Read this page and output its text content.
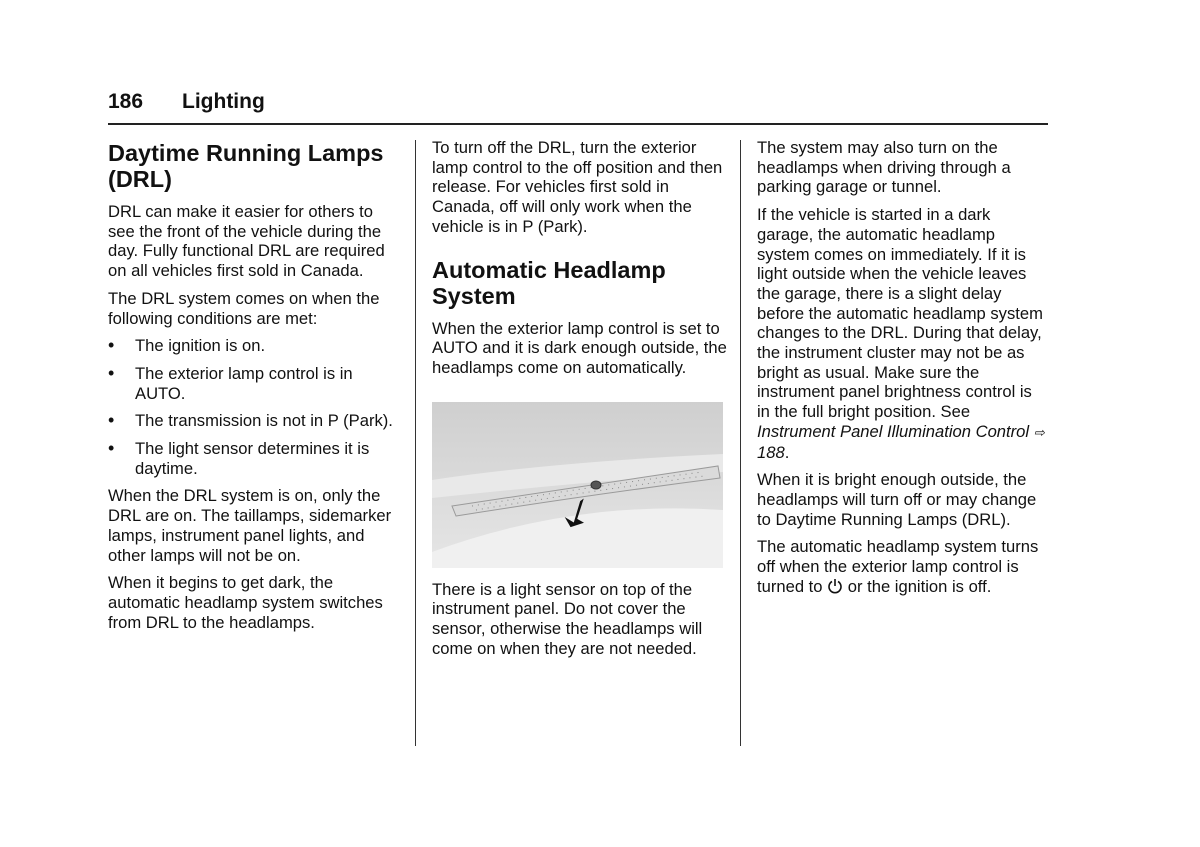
186 Lighting
Daytime Running Lamps (DRL)

DRL can make it easier for others to see the front of the vehicle during the day. Fully functional DRL are required on all vehicles first sold in Canada.

The DRL system comes on when the following conditions are met:

• The ignition is on.
• The exterior lamp control is in AUTO.
• The transmission is not in P (Park).
• The light sensor determines it is daytime.

When the DRL system is on, only the DRL are on. The taillamps, sidemarker lamps, instrument panel lights, and other lamps will not be on.

When it begins to get dark, the automatic headlamp system switches from DRL to the headlamps.

To turn off the DRL, turn the exterior lamp control to the off position and then release. For vehicles first sold in Canada, off will only work when the vehicle is in P (Park).

Automatic Headlamp System

When the exterior lamp control is set to AUTO and it is dark enough outside, the headlamps come on automatically.

There is a light sensor on top of the instrument panel. Do not cover the sensor, otherwise the headlamps will come on when they are not needed.

The system may also turn on the headlamps when driving through a parking garage or tunnel.

If the vehicle is started in a dark garage, the automatic headlamp system comes on immediately. If it is light outside when the vehicle leaves the garage, there is a slight delay before the automatic headlamp system changes to the DRL. During that delay, the instrument cluster may not be as bright as usual. Make sure the instrument panel brightness control is in the full bright position. See Instrument Panel Illumination Control ⇨ 188.

When it is bright enough outside, the headlamps will turn off or may change to Daytime Running Lamps (DRL).

The automatic headlamp system turns off when the exterior lamp control is turned to or the ignition is off.
